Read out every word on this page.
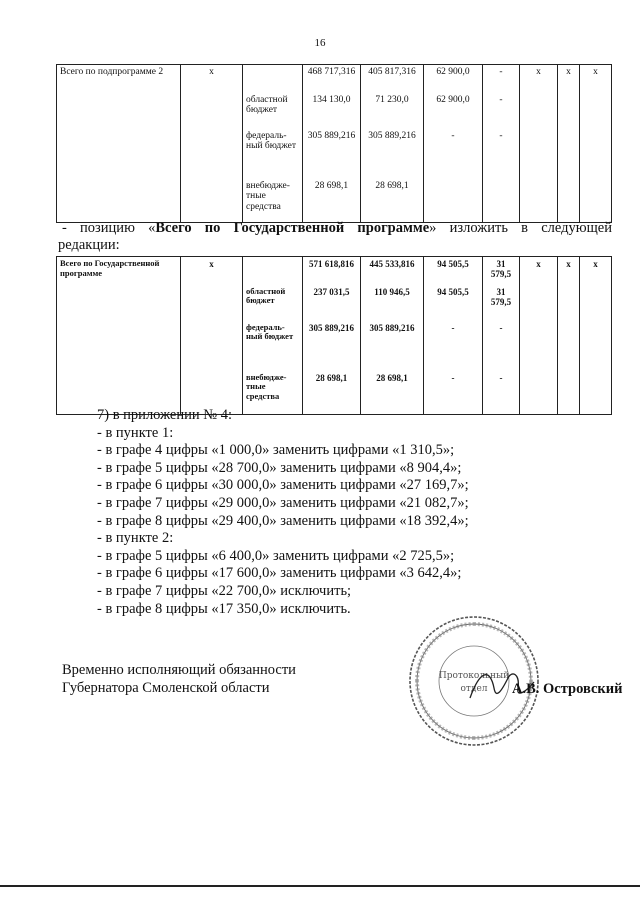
16
Всего по подпрограмме 2	х		468 717,316	405 817,316	62 900,0	-	х	х	х
		областной бюджет	134 130,0	71 230,0	62 900,0	-			
		федераль-ный бюджет	305 889,216	305 889,216	-	-			
		внебюдже-тные средства	28 698,1	28 698,1					
- позицию «Всего по Государственной программе» изложить в следующей
редакции:
Всего по Государственной программе	х		571 618,816	445 533,816	94 505,5	31 579,5	х	х	х
		областной бюджет	237 031,5	110 946,5	94 505,5	31 579,5			
		федераль-ный бюджет	305 889,216	305 889,216	-	-			
		внебюдже-тные средства	28 698,1	28 698,1	-	-			
7) в приложении № 4:
- в пункте 1:
- в графе 4 цифры «1 000,0» заменить цифрами «1 310,5»;
- в графе 5 цифры «28 700,0» заменить цифрами «8 904,4»;
- в графе 6 цифры «30 000,0» заменить цифрами «27 169,7»;
- в графе 7 цифры «29 000,0» заменить цифрами «21 082,7»;
- в графе 8 цифры «29 400,0» заменить цифрами «18 392,4»;
- в пункте 2:
- в графе 5 цифры «6 400,0» заменить цифрами «2 725,5»;
- в графе 6 цифры «17 600,0» заменить цифрами «3 642,4»;
- в графе 7 цифры «22 700,0» исключить;
- в графе 8 цифры «17 350,0» исключить.
Временно исполняющий обязанности
Губернатора Смоленской области
Протокольный
отдел А.В. Островский
